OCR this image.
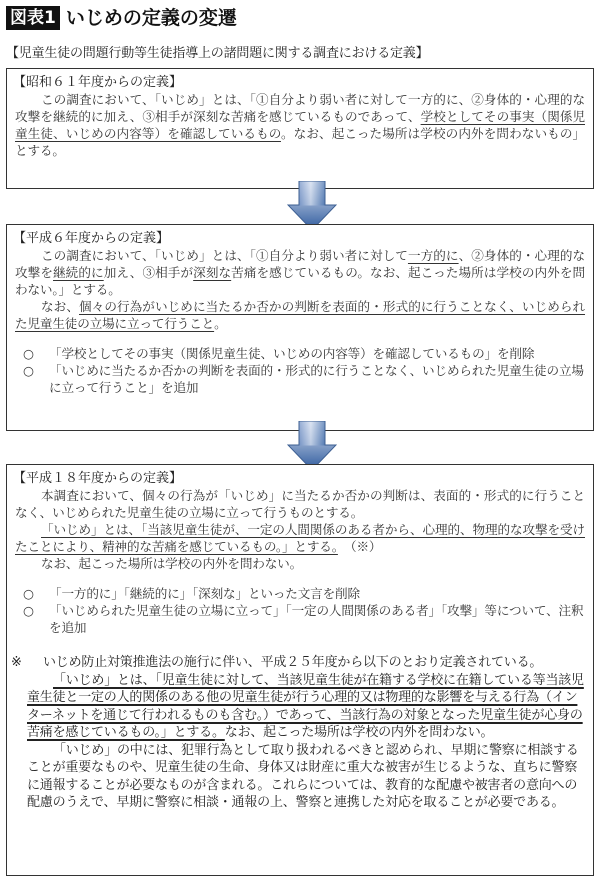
図表1 いじめの定義の変遷
【児童生徒の問題行動等生徒指導上の諸問題に関する調査における定義】
【昭和６１年度からの定義】

この調査において、「いじめ」とは、「①自分より弱い者に対して一方的に、②身体的・心理的な攻撃を継続的に加え、③相手が深刻な苦痛を感じているものであって、学校としてその事実（関係児童生徒、いじめの内容等）を確認しているもの。なお、起こった場所は学校の内外を問わないもの」とする。

【平成６年度からの定義】

この調査において、「いじめ」とは、「①自分より弱い者に対して一方的に、②身体的・心理的な攻撃を継続的に加え、③相手が深刻な苦痛を感じているもの。なお、起こった場所は学校の内外を問わない。」とする。

なお、個々の行為がいじめに当たるか否かの判断を表面的・形式的に行うことなく、いじめられた児童生徒の立場に立って行うこと。

○	「学校としてその事実（関係児童生徒、いじめの内容等）を確認しているもの」を削除
○	「いじめに当たるか否かの判断を表面的・形式的に行うことなく、いじめられた児童生徒の立場に立って行うこと」を追加
【平成１８年度からの定義】

本調査において、個々の行為が「いじめ」に当たるか否かの判断は、表面的・形式的に行うことなく、いじめられた児童生徒の立場に立って行うものとする。

「いじめ」とは、「当該児童生徒が、一定の人間関係のある者から、心理的、物理的な攻撃を受けたことにより、精神的な苦痛を感じているもの。」とする。　（※）

なお、起こった場所は学校の内外を問わない。

○	「一方的に」「継続的に」「深刻な」といった文言を削除
○	「いじめられた児童生徒の立場に立って」「一定の人間関係のある者」「攻撃」等について、注釈を追加
※	いじめ防止対策推進法の施行に伴い、平成２５年度から以下のとおり定義されている。

「いじめ」とは、「児童生徒に対して、当該児童生徒が在籍する学校に在籍している等当該児童生徒と一定の人的関係のある他の児童生徒が行う心理的又は物理的な影響を与える行為（インターネットを通じて行われるものも含む。）であって、当該行為の対象となった児童生徒が心身の苦痛を感じているもの。」とする。なお、起こった場所は学校の内外を問わない。

「いじめ」の中には、犯罪行為として取り扱われるべきと認められ、早期に警察に相談することが重要なものや、児童生徒の生命、身体又は財産に重大な被害が生じるような、直ちに警察に通報することが必要なものが含まれる。これらについては、教育的な配慮や被害者の意向への配慮のうえで、早期に警察に相談・通報の上、警察と連携した対応を取ることが必要である。
